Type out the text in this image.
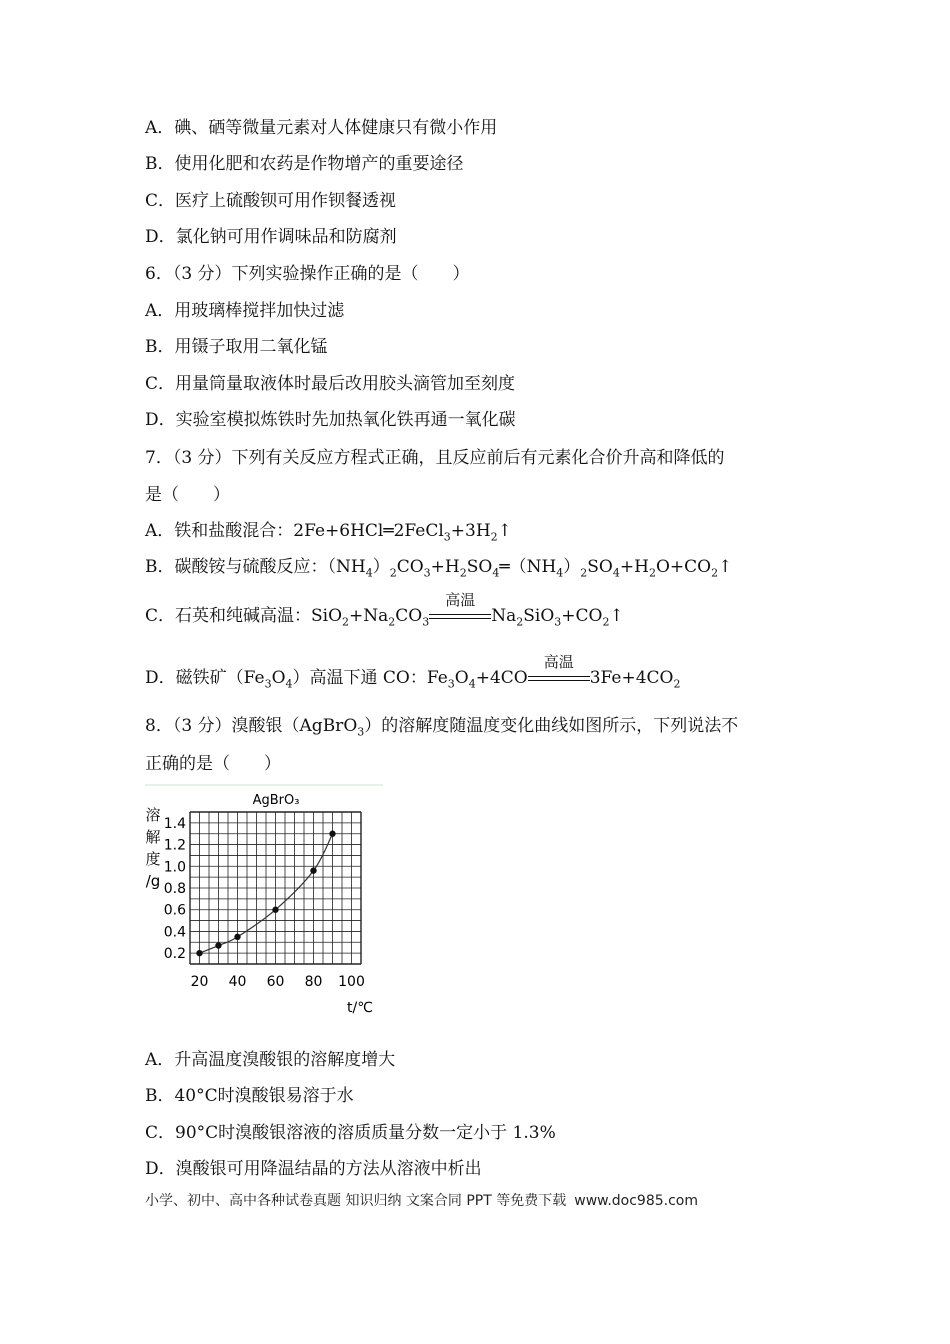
A．碘、硒等微量元素对人体健康只有微小作用
B．使用化肥和农药是作物增产的重要途径
C．医疗上硫酸钡可用作钡餐透视
D．氯化钠可用作调味品和防腐剂
6．（3 分）下列实验操作正确的是（　　）
A．用玻璃棒搅拌加快过滤
B．用镊子取用二氧化锰
C．用量筒量取液体时最后改用胶头滴管加至刻度
D．实验室模拟炼铁时先加热氧化铁再通一氧化碳
7．（3 分）下列有关反应方程式正确，且反应前后有元素化合价升高和降低的
是（　　）
A．铁和盐酸混合：$2Fe+6HCl═2FeCl_3+3H_2↑$
B．碳酸铵与硫酸反应：$(NH_4)_2CO_3+H_2SO_4═(NH_4)_2SO_4+H_2O+CO_2↑$
C．石英和纯碱高温：$SiO_2+Na_2CO_3$
高温
$Na_2SiO_3+CO_2↑$
D．磁铁矿$(Fe_3O_4)$高温下通 CO：$Fe_3O_4+4CO$
高温
$3Fe+4CO_2$
8．（3 分）溴酸银（AgBrO$_3$）的溶解度随温度变化曲线如图所示，下列说法不
正确的是（　　）
AgBrO₃
溶
解
度
/g
0.2
0.4
0.6
0.8
1.0
1.2
1.4
20 40 60 80 100
t/℃
A．升高温度溴酸银的溶解度增大
B．40°C时溴酸银易溶于水
C．90°C时溴酸银溶液的溶质质量分数一定小于 1.3%
D．溴酸银可用降温结晶的方法从溶液中析出
小学、初中、高中各种试卷真题 知识归纳 文案合同 PPT 等免费下载 www.doc985.com
